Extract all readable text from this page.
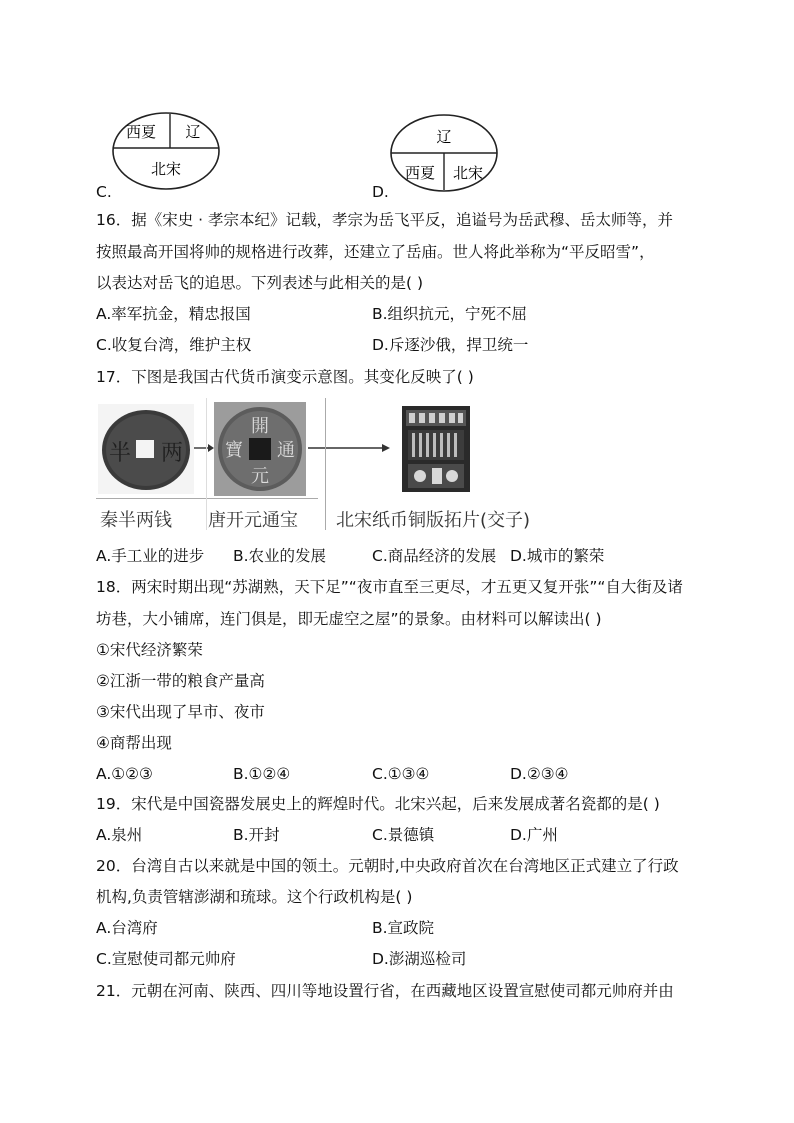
C.
西夏 辽
北宋
D.
辽
西夏 北宋
16．据《宋史 · 孝宗本纪》记载，孝宗为岳飞平反，追谥号为岳武穆、岳太师等，并
按照最高开国将帅的规格进行改葬，还建立了岳庙。世人将此举称为“平反昭雪”，
以表达对岳飞的追思。下列表述与此相关的是( )
A.率军抗金，精忠报国	B.组织抗元，宁死不屈
C.收复台湾，维护主权	D.斥逐沙俄，捍卫统一
17．下图是我国古代货币演变示意图。其变化反映了( )
半 两
開
元
寶 通
秦半两钱 唐开元通宝 北宋纸币铜版拓片(交子)
A.手工业的进步 B.农业的发展	C.商品经济的发展 D.城市的繁荣
18．两宋时期出现“苏湖熟，天下足”“夜市直至三更尽，才五更又复开张”“自大街及诸
坊巷，大小铺席，连门俱是，即无虚空之屋”的景象。由材料可以解读出( )
①宋代经济繁荣
②江浙一带的粮食产量高
③宋代出现了早市、夜市
④商帮出现
A.①②③	B.①②④	C.①③④	D.②③④
19．宋代是中国瓷器发展史上的辉煌时代。北宋兴起，后来发展成著名瓷都的是( )
A.泉州	B.开封	C.景德镇	D.广州
20．台湾自古以来就是中国的领土。元朝时,中央政府首次在台湾地区正式建立了行政
机构,负责管辖澎湖和琉球。这个行政机构是( )
A.台湾府	B.宣政院
C.宣慰使司都元帅府	D.澎湖巡检司
21．元朝在河南、陕西、四川等地设置行省，在西藏地区设置宣慰使司都元帅府并由
